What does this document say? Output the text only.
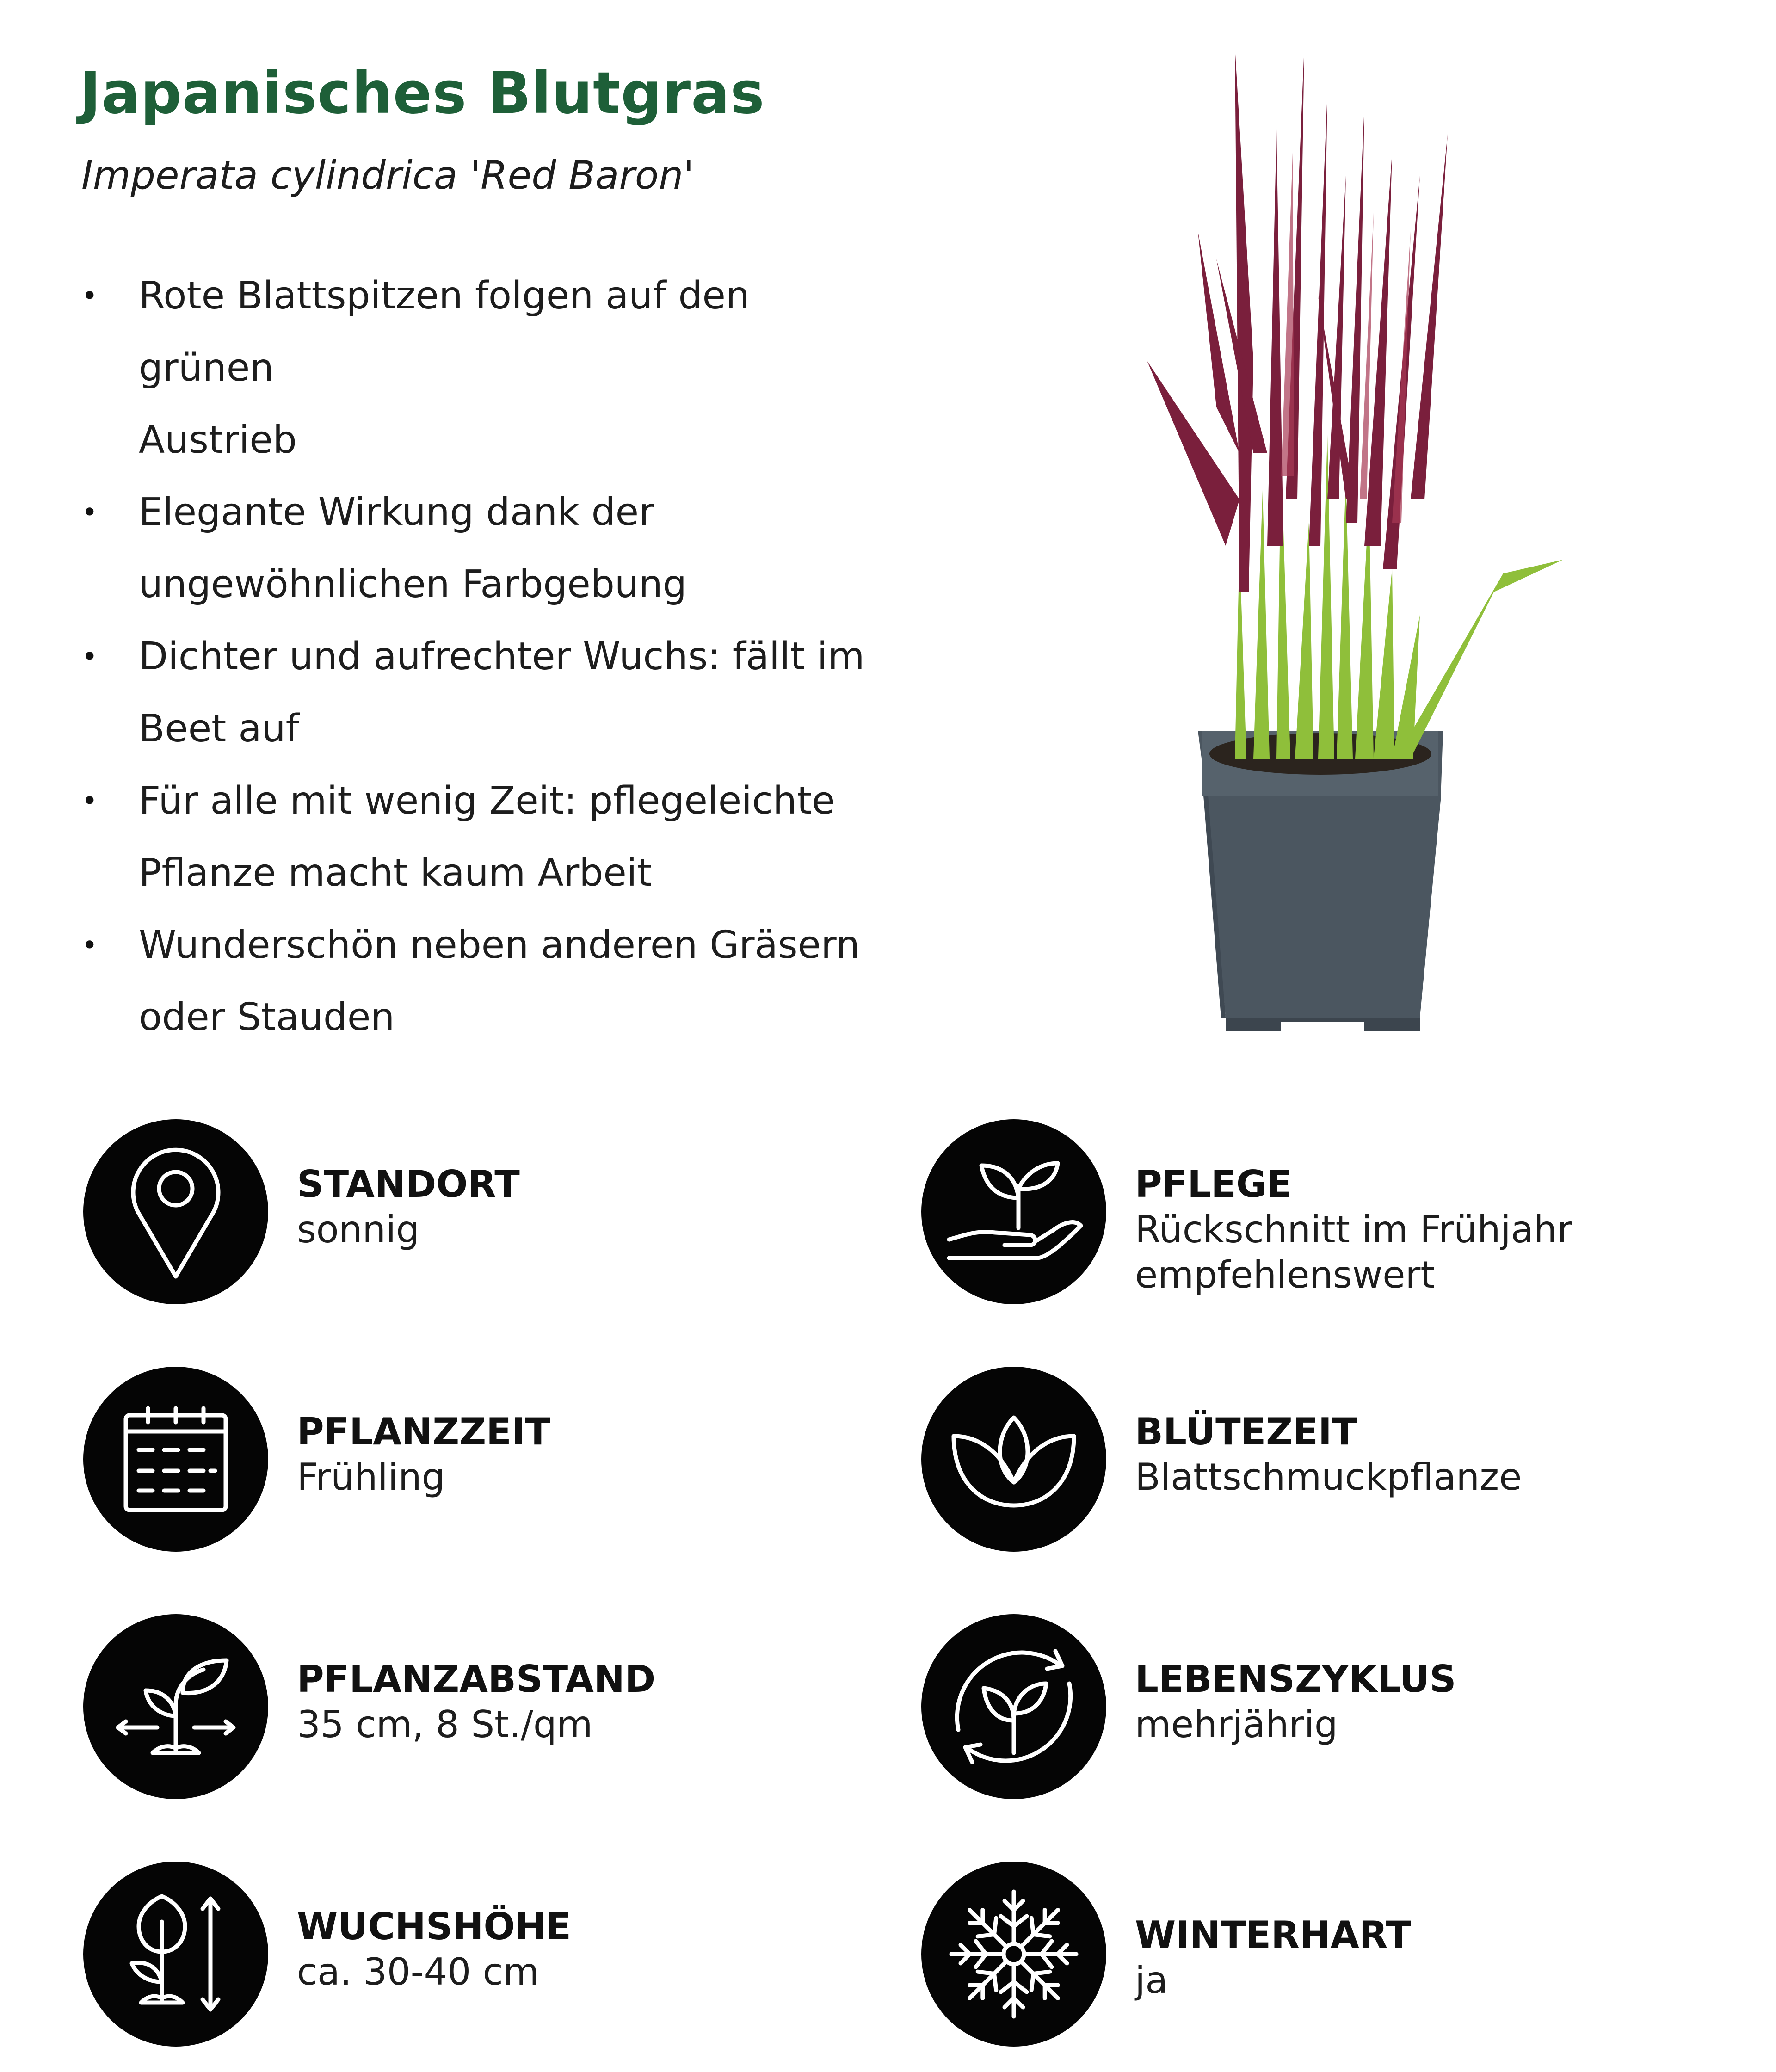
Japanisches Blutgras
Imperata cylindrica 'Red Baron'
• Rote Blattspitzen folgen auf den grünen
Austrieb
• Elegante Wirkung dank der
ungewöhnlichen Farbgebung
• Dichter und aufrechter Wuchs: fällt im
Beet auf
• Für alle mit wenig Zeit: pflegeleichte
Pflanze macht kaum Arbeit
• Wunderschön neben anderen Gräsern
oder Stauden
STANDORT
sonnig
PFLEGE
Rückschnitt im Frühjahr
empfehlenswert
PFLANZZEIT
Frühling
BLÜTEZEIT
Blattschmuckpflanze
PFLANZABSTAND
35 cm, 8 St./qm
LEBENSZYKLUS
mehrjährig
WUCHSHÖHE
ca. 30-40 cm
WINTERHART
ja
